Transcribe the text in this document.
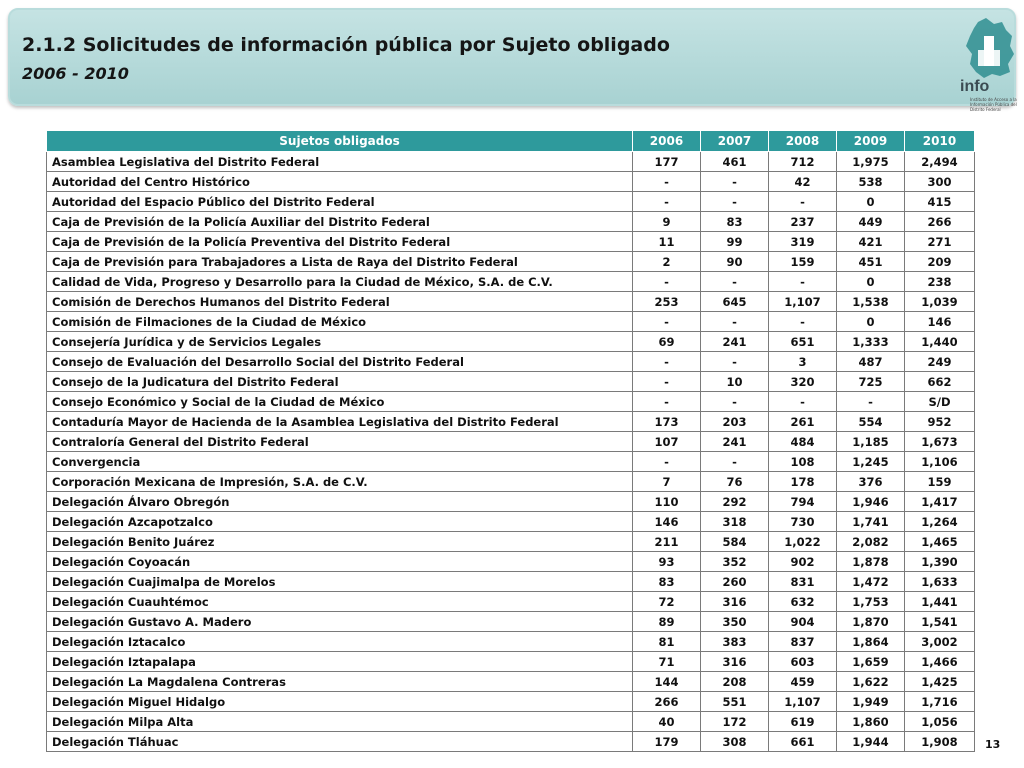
2.1.2 Solicitudes de información pública por Sujeto obligado
2006 - 2010
info
Instituto de Acceso a la Información Pública del Distrito Federal
Sujetos obligados	2006	2007	2008	2009	2010
Asamblea Legislativa del Distrito Federal	177	461	712	1,975	2,494
Autoridad del Centro Histórico	-	-	42	538	300
Autoridad del Espacio Público del Distrito Federal	-	-	-	0	415
Caja de Previsión de la Policía Auxiliar del Distrito Federal	9	83	237	449	266
Caja de Previsión de la Policía Preventiva del Distrito Federal	11	99	319	421	271
Caja de Previsión para Trabajadores a Lista de Raya del Distrito Federal	2	90	159	451	209
Calidad de Vida, Progreso y Desarrollo para la Ciudad de México, S.A. de C.V.	-	-	-	0	238
Comisión de Derechos Humanos del Distrito Federal	253	645	1,107	1,538	1,039
Comisión de Filmaciones de la Ciudad de México	-	-	-	0	146
Consejería Jurídica y de Servicios Legales	69	241	651	1,333	1,440
Consejo de Evaluación del Desarrollo Social del Distrito Federal	-	-	3	487	249
Consejo de la Judicatura del Distrito Federal	-	10	320	725	662
Consejo Económico y Social de la Ciudad de México	-	-	-	-	S/D
Contaduría Mayor de Hacienda de la Asamblea Legislativa del Distrito Federal	173	203	261	554	952
Contraloría General del Distrito Federal	107	241	484	1,185	1,673
Convergencia	-	-	108	1,245	1,106
Corporación Mexicana de Impresión, S.A. de C.V.	7	76	178	376	159
Delegación Álvaro Obregón	110	292	794	1,946	1,417
Delegación Azcapotzalco	146	318	730	1,741	1,264
Delegación Benito Juárez	211	584	1,022	2,082	1,465
Delegación Coyoacán	93	352	902	1,878	1,390
Delegación Cuajimalpa de Morelos	83	260	831	1,472	1,633
Delegación Cuauhtémoc	72	316	632	1,753	1,441
Delegación Gustavo A. Madero	89	350	904	1,870	1,541
Delegación Iztacalco	81	383	837	1,864	3,002
Delegación Iztapalapa	71	316	603	1,659	1,466
Delegación La Magdalena Contreras	144	208	459	1,622	1,425
Delegación Miguel Hidalgo	266	551	1,107	1,949	1,716
Delegación Milpa Alta	40	172	619	1,860	1,056
Delegación Tláhuac	179	308	661	1,944	1,908 13
